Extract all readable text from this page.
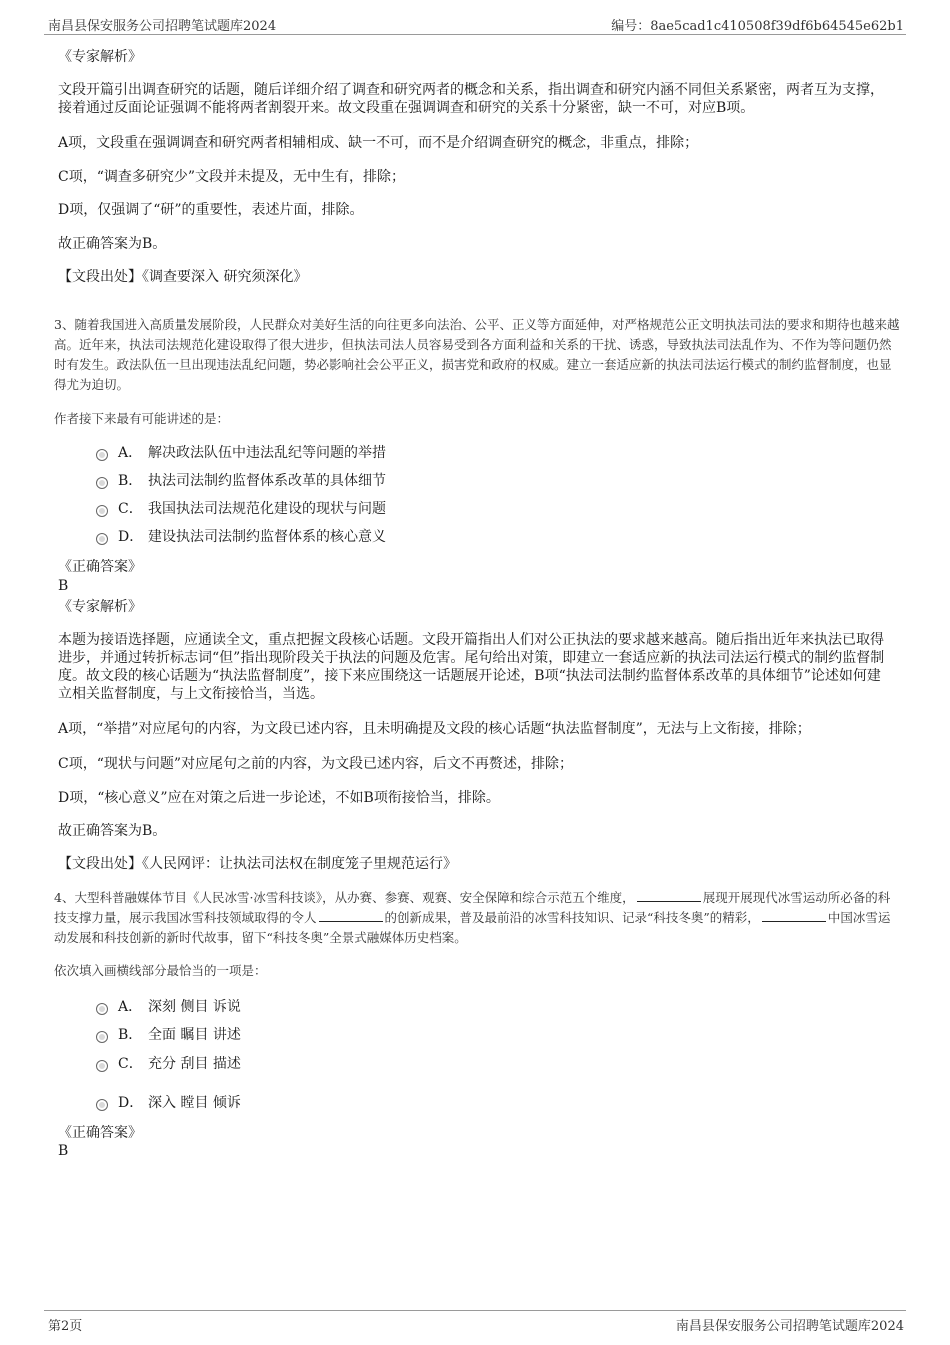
南昌县保安服务公司招聘笔试题库2024	编号：8ae5cad1c410508f39df6b64545e62b1
《专家解析》
文段开篇引出调查研究的话题，随后详细介绍了调查和研究两者的概念和关系，指出调查和研究内涵不同但关系紧密，两者互为支撑，接着通过反面论证强调不能将两者割裂开来。故文段重在强调调查和研究的关系十分紧密，缺一不可，对应B项。
A项，文段重在强调调查和研究两者相辅相成、缺一不可，而不是介绍调查研究的概念，非重点，排除；
C项，“调查多研究少”文段并未提及，无中生有，排除；
D项，仅强调了“研”的重要性，表述片面，排除。
故正确答案为B。
【文段出处】《调查要深入 研究须深化》
3、随着我国进入高质量发展阶段，人民群众对美好生活的向往更多向法治、公平、正义等方面延伸，对严格规范公正文明执法司法的要求和期待也越来越高。近年来，执法司法规范化建设取得了很大进步，但执法司法人员容易受到各方面利益和关系的干扰、诱惑，导致执法司法乱作为、不作为等问题仍然时有发生。政法队伍一旦出现违法乱纪问题，势必影响社会公平正义，损害党和政府的权威。建立一套适应新的执法司法运行模式的制约监督制度，也显得尤为迫切。
作者接下来最有可能讲述的是：
A． 解决政法队伍中违法乱纪等问题的举措
B． 执法司法制约监督体系改革的具体细节
C． 我国执法司法规范化建设的现状与问题
D． 建设执法司法制约监督体系的核心意义
《正确答案》
B
《专家解析》
本题为接语选择题，应通读全文，重点把握文段核心话题。文段开篇指出人们对公正执法的要求越来越高。随后指出近年来执法已取得进步，并通过转折标志词“但”指出现阶段关于执法的问题及危害。尾句给出对策，即建立一套适应新的执法司法运行模式的制约监督制度。故文段的核心话题为“执法监督制度”，接下来应围绕这一话题展开论述，B项“执法司法制约监督体系改革的具体细节”论述如何建立相关监督制度，与上文衔接恰当，当选。
A项，“举措”对应尾句的内容，为文段已述内容，且未明确提及文段的核心话题“执法监督制度”，无法与上文衔接，排除；
C项，“现状与问题”对应尾句之前的内容，为文段已述内容，后文不再赘述，排除；
D项，“核心意义”应在对策之后进一步论述，不如B项衔接恰当，排除。
故正确答案为B。
【文段出处】《人民网评：让执法司法权在制度笼子里规范运行》
4、大型科普融媒体节目《人民冰雪·冰雪科技谈》，从办赛、参赛、观赛、安全保障和综合示范五个维度，	展现开展现代冰雪运动所必备的科技支撑力量，展示我国冰雪科技领域取得的令人	的创新成果，普及最前沿的冰雪科技知识、记录“科技冬奥”的精彩，	中国冰雪运动发展和科技创新的新时代故事，留下“科技冬奥”全景式融媒体历史档案。
依次填入画横线部分最恰当的一项是：
A． 深刻 侧目 诉说
B． 全面 瞩目 讲述
C． 充分 刮目 描述
D． 深入 瞠目 倾诉
《正确答案》
B
第2页	南昌县保安服务公司招聘笔试题库2024
